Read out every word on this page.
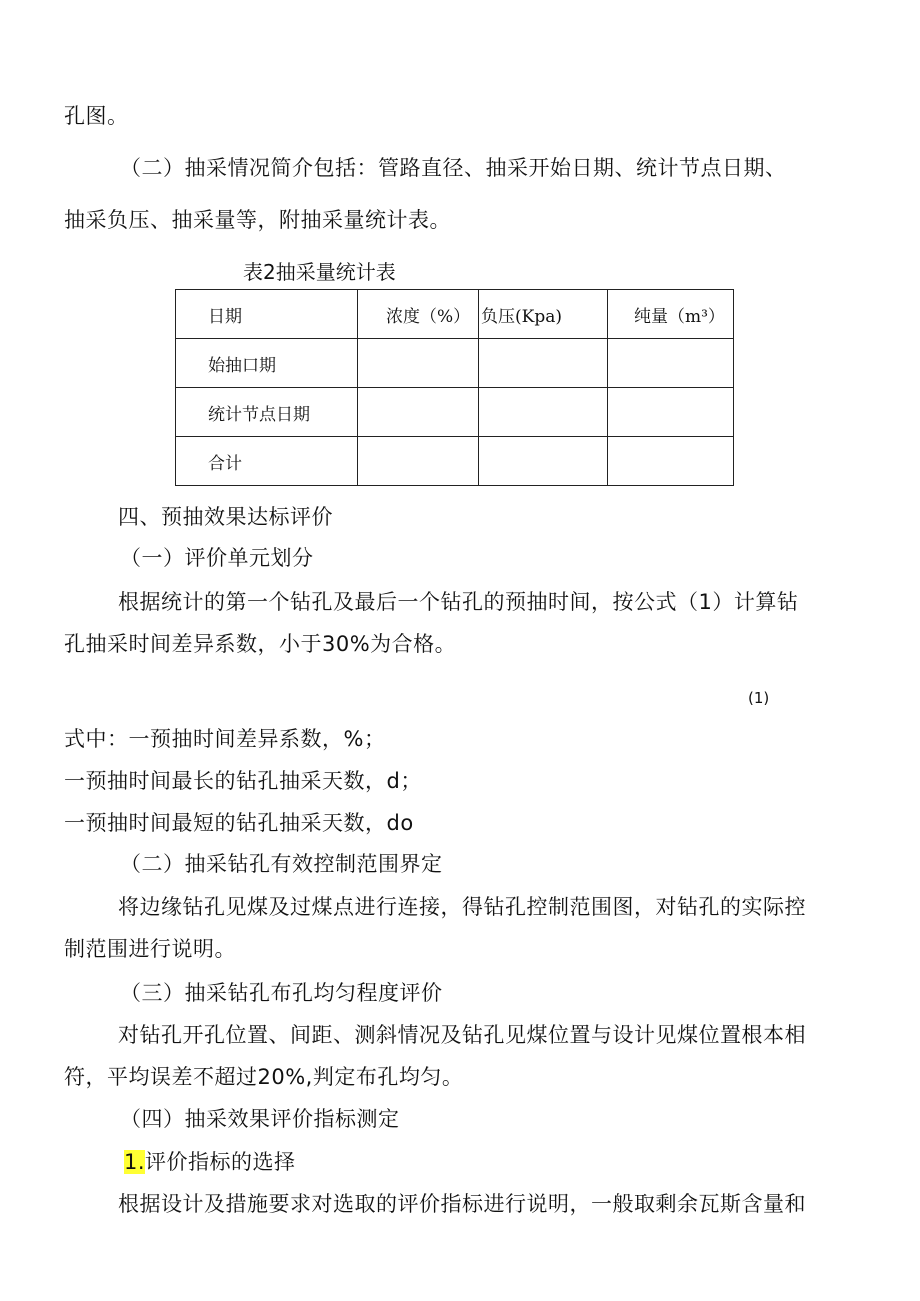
孔图。
（二）抽采情况简介包括：管路直径、抽采开始日期、统计节点日期、
抽采负压、抽采量等，附抽采量统计表。
表2抽采量统计表
日期	浓度（%）	负压(Kpa)	纯量（m³）
始抽口期			
统计节点日期			
合计			
四、预抽效果达标评价
（一）评价单元划分
根据统计的第一个钻孔及最后一个钻孔的预抽时间，按公式（1）计算钻
孔抽采时间差异系数，小于30%为合格。
(1)
式中：一预抽时间差异系数，%；
一预抽时间最长的钻孔抽采天数，d；
一预抽时间最短的钻孔抽采天数，do
（二）抽采钻孔有效控制范围界定
将边缘钻孔见煤及过煤点进行连接，得钻孔控制范围图，对钻孔的实际控
制范围进行说明。
（三）抽采钻孔布孔均匀程度评价
对钻孔开孔位置、间距、测斜情况及钻孔见煤位置与设计见煤位置根本相
符，平均误差不超过20%,判定布孔均匀。
（四）抽采效果评价指标测定
1.评价指标的选择
根据设计及措施要求对选取的评价指标进行说明，一般取剩余瓦斯含量和
